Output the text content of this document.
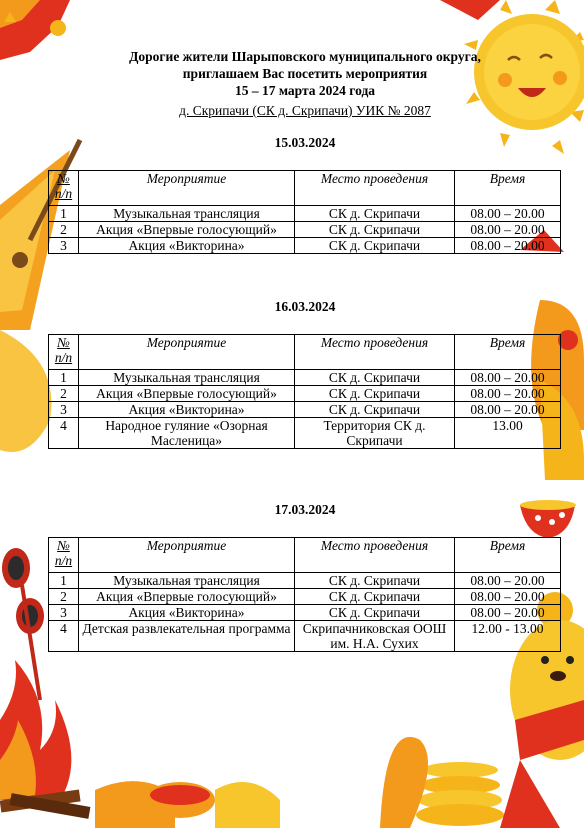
Дорогие жители Шарыповского муниципального округа,
приглашаем Вас посетить мероприятия
15 – 17 марта 2024 года
д. Скрипачи (СК д. Скрипачи) УИК № 2087
15.03.2024
№ п/п	Мероприятие	Место проведения	Время
1	Музыкальная трансляция	СК д. Скрипачи	08.00 – 20.00
2	Акция «Впервые голосующий»	СК д. Скрипачи	08.00 – 20.00
3	Акция «Викторина»	СК д. Скрипачи	08.00 – 20.00
16.03.2024
№ п/п	Мероприятие	Место проведения	Время
1	Музыкальная трансляция	СК д. Скрипачи	08.00 – 20.00
2	Акция «Впервые голосующий»	СК д. Скрипачи	08.00 – 20.00
3	Акция «Викторина»	СК д. Скрипачи	08.00 – 20.00
4	Народное гуляние «Озорная Масленица»	Территория СК д. Скрипачи	13.00
17.03.2024
№ п/п	Мероприятие	Место проведения	Время
1	Музыкальная трансляция	СК д. Скрипачи	08.00 – 20.00
2	Акция «Впервые голосующий»	СК д. Скрипачи	08.00 – 20.00
3	Акция «Викторина»	СК д. Скрипачи	08.00 – 20.00
4	Детская развлекательная программа	Скрипачниковская ООШ им. Н.А. Сухих	12.00 - 13.00
